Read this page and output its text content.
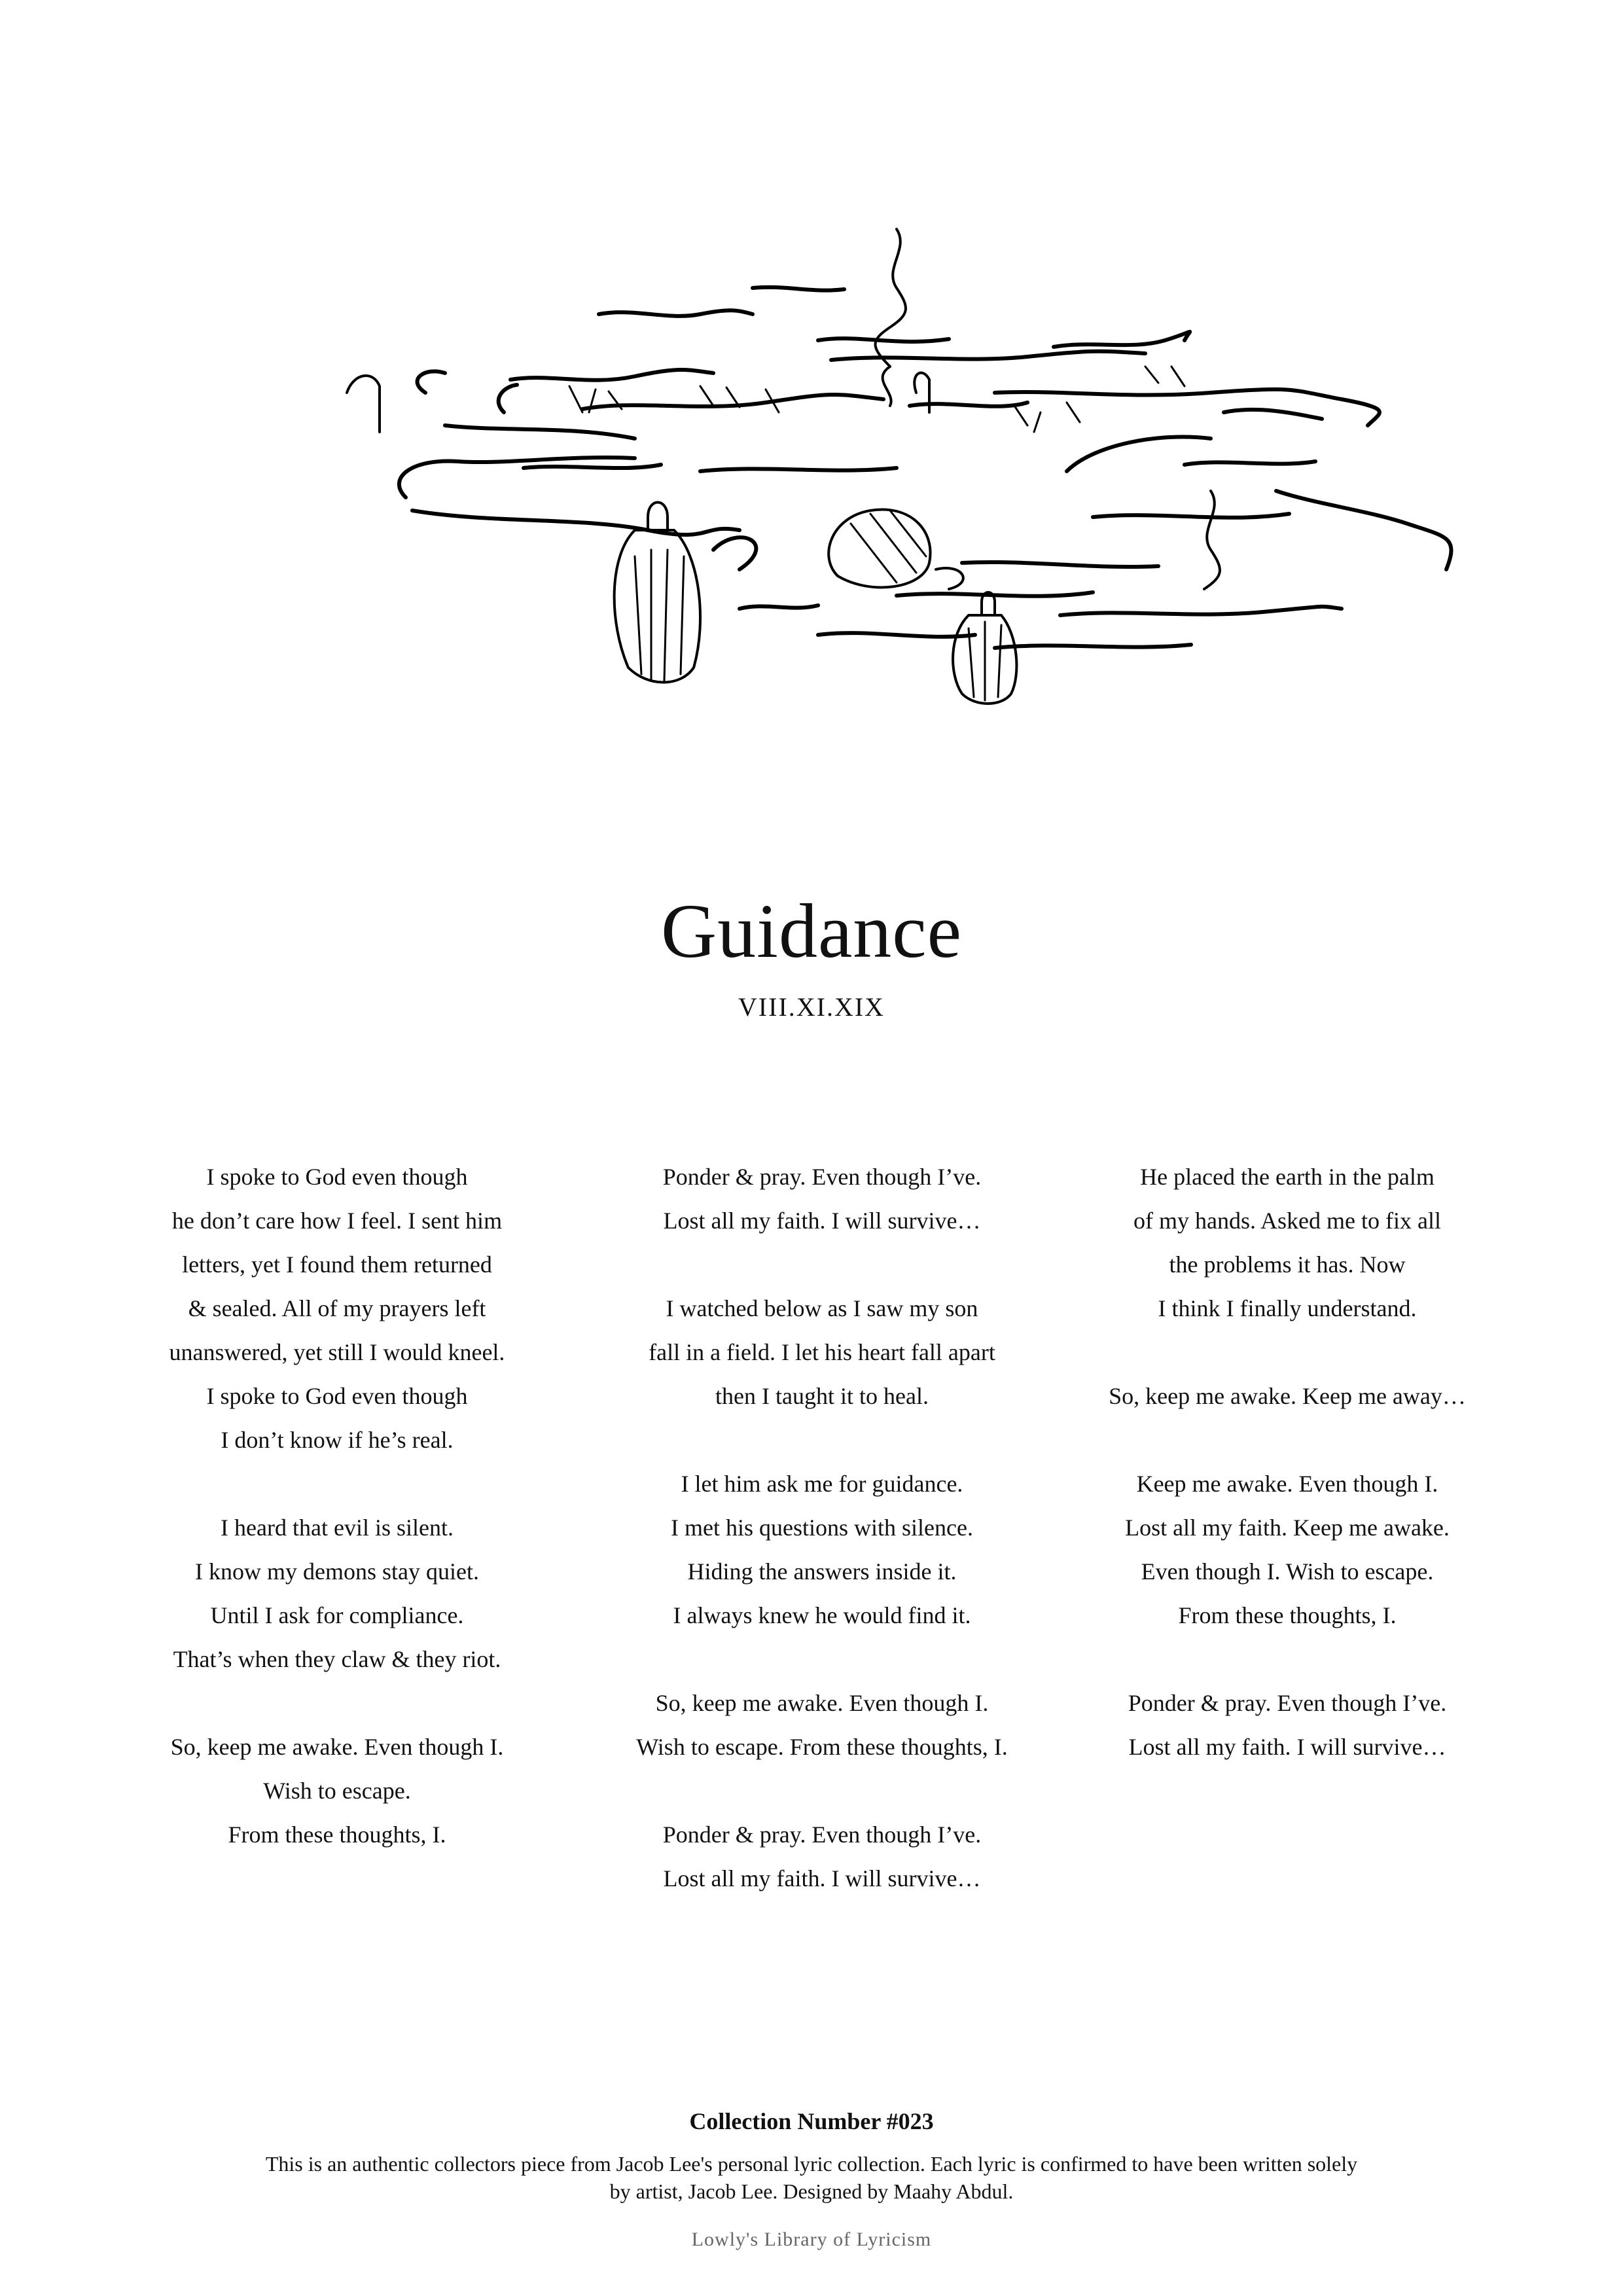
Guidance
VIII.XI.XIX
I spoke to God even though
he don’t care how I feel. I sent him
letters, yet I found them returned
& sealed. All of my prayers left
unanswered, yet still I would kneel.
I spoke to God even though
I don’t know if he’s real.
I heard that evil is silent.
I know my demons stay quiet.
Until I ask for compliance.
That’s when they claw & they riot.
So, keep me awake. Even though I.
Wish to escape.
From these thoughts, I.
Ponder & pray. Even though I’ve.
Lost all my faith. I will survive…
I watched below as I saw my son
fall in a field. I let his heart fall apart
then I taught it to heal.
I let him ask me for guidance.
I met his questions with silence.
Hiding the answers inside it.
I always knew he would find it.
So, keep me awake. Even though I.
Wish to escape. From these thoughts, I.
Ponder & pray. Even though I’ve.
Lost all my faith. I will survive…
He placed the earth in the palm
of my hands. Asked me to fix all
the problems it has. Now
I think I finally understand.
So, keep me awake. Keep me away…
Keep me awake. Even though I.
Lost all my faith. Keep me awake.
Even though I. Wish to escape.
From these thoughts, I.
Ponder & pray. Even though I’ve.
Lost all my faith. I will survive…
Collection Number #023
This is an authentic collectors piece from Jacob Lee's personal lyric collection. Each lyric is confirmed to have been written solely
by artist, Jacob Lee. Designed by Maahy Abdul.
Lowly's Library of Lyricism
